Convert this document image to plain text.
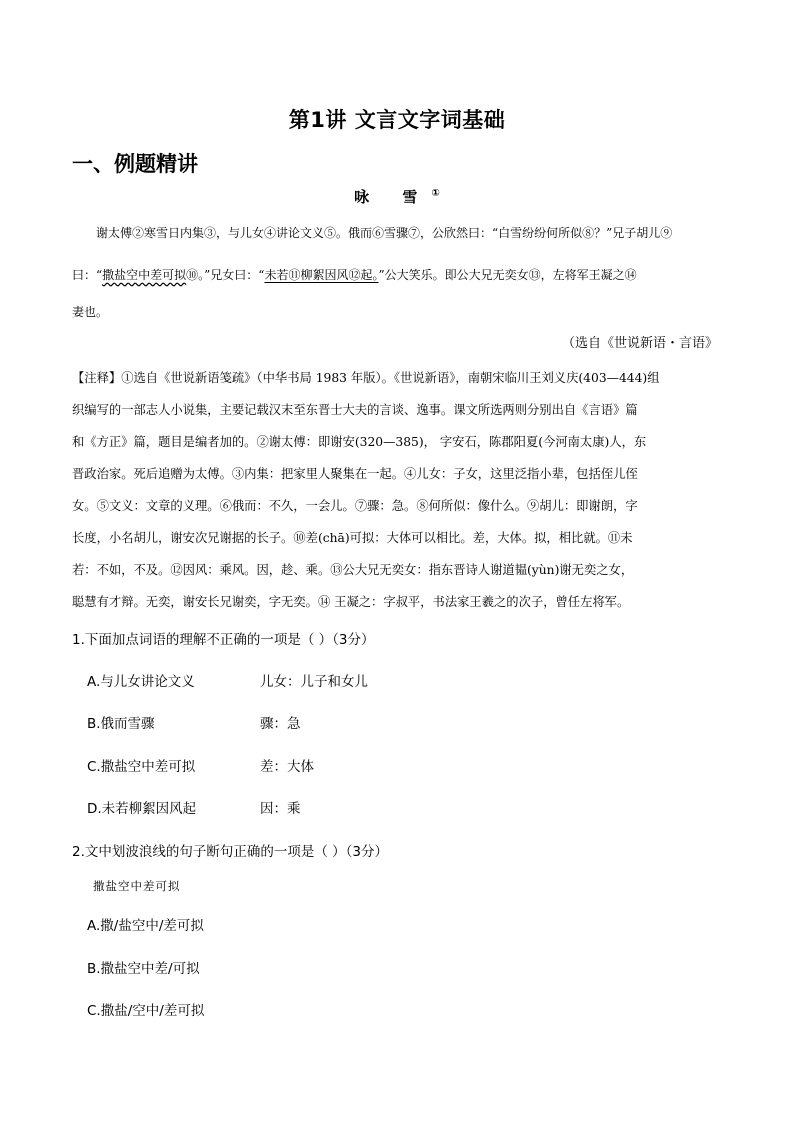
第1讲 文言文字词基础
一、例题精讲
咏 雪①
谢太傅②寒雪日内集③，与儿女④讲论文义⑤。俄而⑥雪骤⑦，公欣然曰：“白雪纷纷何所似⑧？”兄子胡儿⑨
曰：“撒盐空中差可拟⑩。”兄女曰：“未若⑪柳絮因风⑫起。”公大笑乐。即公大兄无奕女⑬，左将军王凝之⑭
妻也。
（选自《世说新语・言语》
【注释】①选自《世说新语笺疏》（中华书局 1983 年版）。《世说新语》，南朝宋临川王刘义庆(403—444)组
织编写的一部志人小说集，主要记载汉末至东晋士大夫的言谈、逸事。课文所选两则分别出自《言语》篇
和《方正》篇，题目是编者加的。②谢太傅：即谢安(320—385)， 字安石，陈郡阳夏(今河南太康)人，东
晋政治家。死后追赠为太傅。③内集：把家里人聚集在一起。④儿女：子女，这里泛指小辈，包括侄儿侄
女。⑤文义：文章的义理。⑥俄而：不久，一会儿。⑦骤：急。⑧何所似：像什么。⑨胡儿：即谢朗，字
长度，小名胡儿，谢安次兄谢据的长子。⑩差(chā)可拟：大体可以相比。差，大体。拟，相比就。⑪未
若：不如，不及。⑫因风：乘风。因，趁、乘。⑬公大兄无奕女：指东晋诗人谢道韫(yùn)谢无奕之女，
聪慧有才辩。无奕，谢安长兄谢奕，字无奕。⑭ 王凝之：字叔平，书法家王羲之的次子，曾任左将军。
1.下面加点词语的理解不正确的一项是（ ）（3分）
A.与儿女讲论文义	儿女：儿子和女儿
B.俄而雪骤	骤：急
C.撒盐空中差可拟	差：大体
D.未若柳絮因风起	因：乘
2.文中划波浪线的句子断句正确的一项是（ ）（3分）
撒盐空中差可拟
A.撒/盐空中/差可拟
B.撒盐空中差/可拟
C.撒盐/空中/差可拟
